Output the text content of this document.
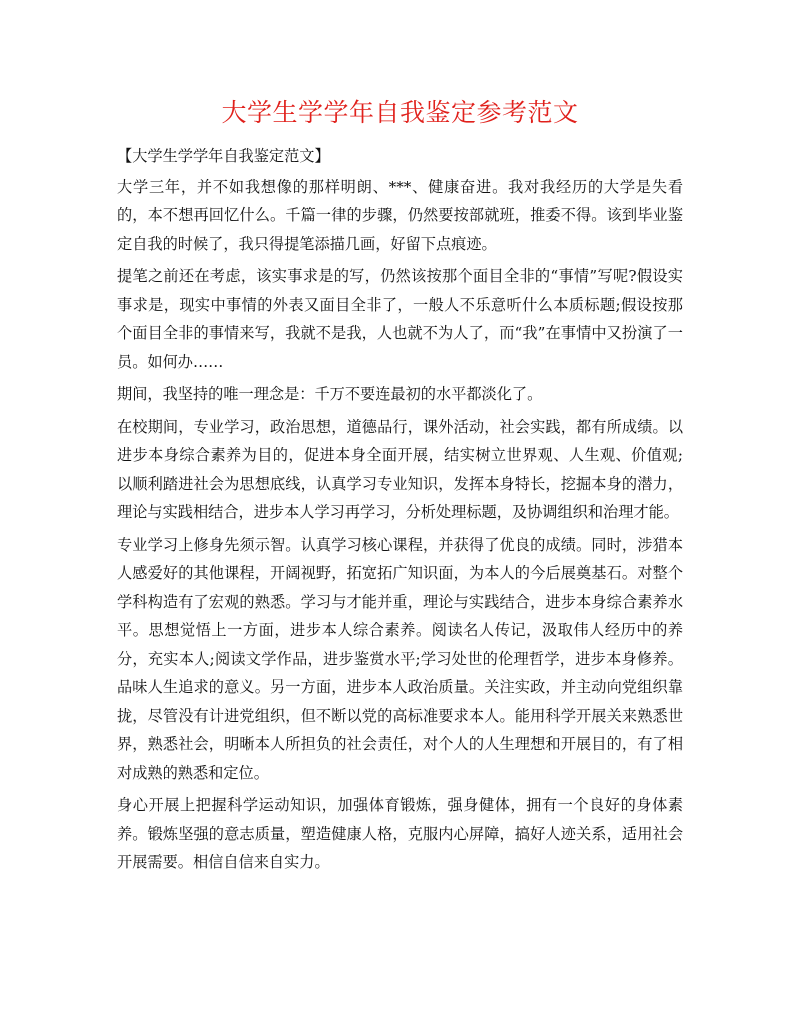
大学生学学年自我鉴定参考范文

【大学生学学年自我鉴定范文】

大学三年，并不如我想像的那样明朗、***、健康奋进。我对我经历的大学是失看的，本不想再回忆什么。千篇一律的步骤，仍然要按部就班，推委不得。该到毕业鉴定自我的时候了，我只得提笔添描几画，好留下点痕迹。

提笔之前还在考虑，该实事求是的写，仍然该按那个面目全非的“事情”写呢?假设实事求是，现实中事情的外表又面目全非了，一般人不乐意听什么本质标题;假设按那个面目全非的事情来写，我就不是我，人也就不为人了，而“我”在事情中又扮演了一员。如何办……

期间，我坚持的唯一理念是：千万不要连最初的水平都淡化了。

在校期间，专业学习，政治思想，道德品行，课外活动，社会实践，都有所成绩。以进步本身综合素养为目的，促进本身全面开展，结实树立世界观、人生观、价值观;以顺利踏进社会为思想底线，认真学习专业知识，发挥本身特长，挖掘本身的潜力，理论与实践相结合，进步本人学习再学习，分析处理标题，及协调组织和治理才能。

专业学习上修身先须示智。认真学习核心课程，并获得了优良的成绩。同时，涉猎本人感爱好的其他课程，开阔视野，拓宽拓广知识面，为本人的今后展奠基石。对整个学科构造有了宏观的熟悉。学习与才能并重，理论与实践结合，进步本身综合素养水平。思想觉悟上一方面，进步本人综合素养。阅读名人传记，汲取伟人经历中的养分，充实本人;阅读文学作品，进步鉴赏水平;学习处世的伦理哲学，进步本身修养。品味人生追求的意义。另一方面，进步本人政治质量。关注实政，并主动向党组织靠拢，尽管没有计进党组织，但不断以党的高标准要求本人。能用科学开展关来熟悉世界，熟悉社会，明晰本人所担负的社会责任，对个人的人生理想和开展目的，有了相对成熟的熟悉和定位。

身心开展上把握科学运动知识，加强体育锻炼，强身健体，拥有一个良好的身体素养。锻炼坚强的意志质量，塑造健康人格，克服内心屏障，搞好人迹关系，适用社会开展需要。相信自信来自实力。
